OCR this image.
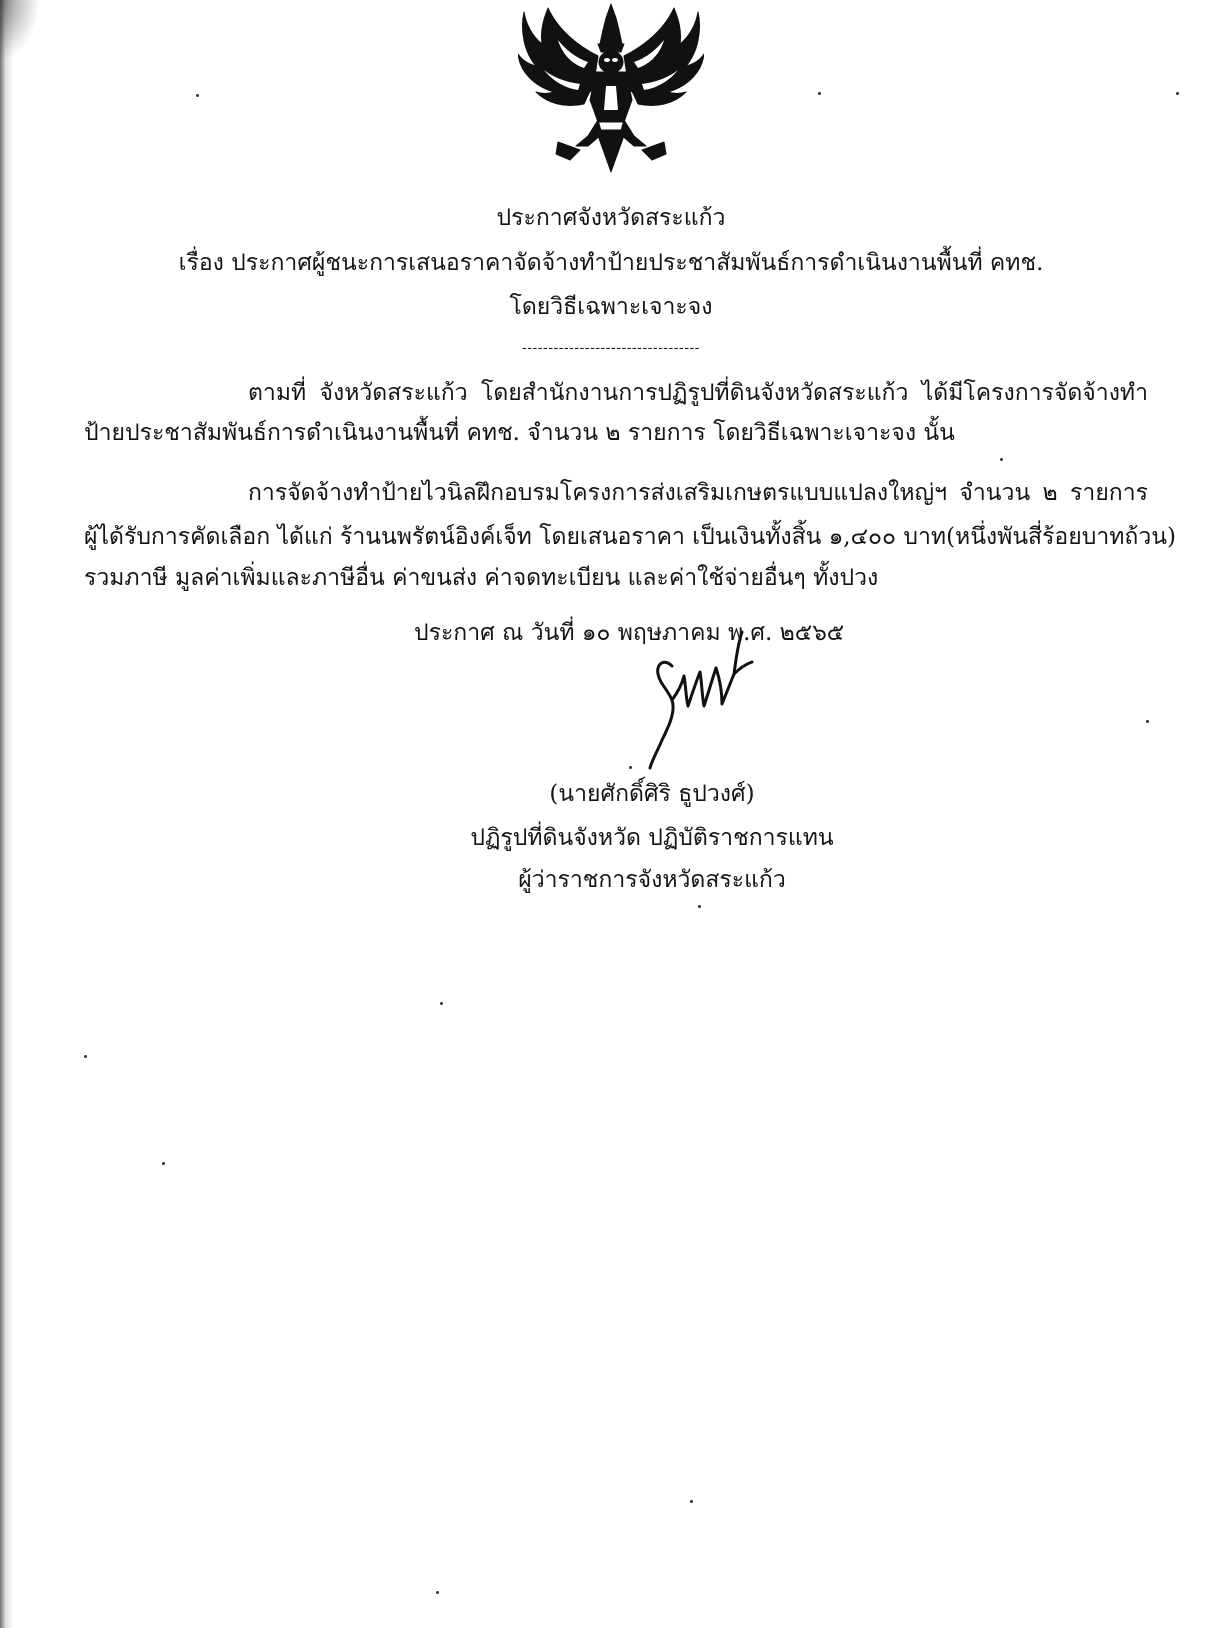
ประกาศจังหวัดสระแก้ว
เรื่อง ประกาศผู้ชนะการเสนอราคาจัดจ้างทำป้ายประชาสัมพันธ์การดำเนินงานพื้นที่ คทช.
โดยวิธีเฉพาะเจาะจง
----------------------------------
ตามที่ จังหวัดสระแก้ว โดยสำนักงานการปฏิรูปที่ดินจังหวัดสระแก้ว ได้มีโครงการจัดจ้างทำ
ป้ายประชาสัมพันธ์การดำเนินงานพื้นที่ คทช. จำนวน ๒ รายการ โดยวิธีเฉพาะเจาะจง นั้น
การจัดจ้างทำป้ายไวนิลฝึกอบรมโครงการส่งเสริมเกษตรแบบแปลงใหญ่ฯ จำนวน ๒ รายการ
ผู้ได้รับการคัดเลือก ได้แก่ ร้านนพรัตน์อิงค์เจ็ท โดยเสนอราคา เป็นเงินทั้งสิ้น ๑,๔๐๐ บาท(หนึ่งพันสี่ร้อยบาทถ้วน)
รวมภาษี มูลค่าเพิ่มและภาษีอื่น ค่าขนส่ง ค่าจดทะเบียน และค่าใช้จ่ายอื่นๆ ทั้งปวง
ประกาศ ณ วันที่ ๑๐ พฤษภาคม พ.ศ. ๒๕๖๕
(นายศักดิ์ศิริ ธูปวงศ์)
ปฏิรูปที่ดินจังหวัด ปฏิบัติราชการแทน
ผู้ว่าราชการจังหวัดสระแก้ว
